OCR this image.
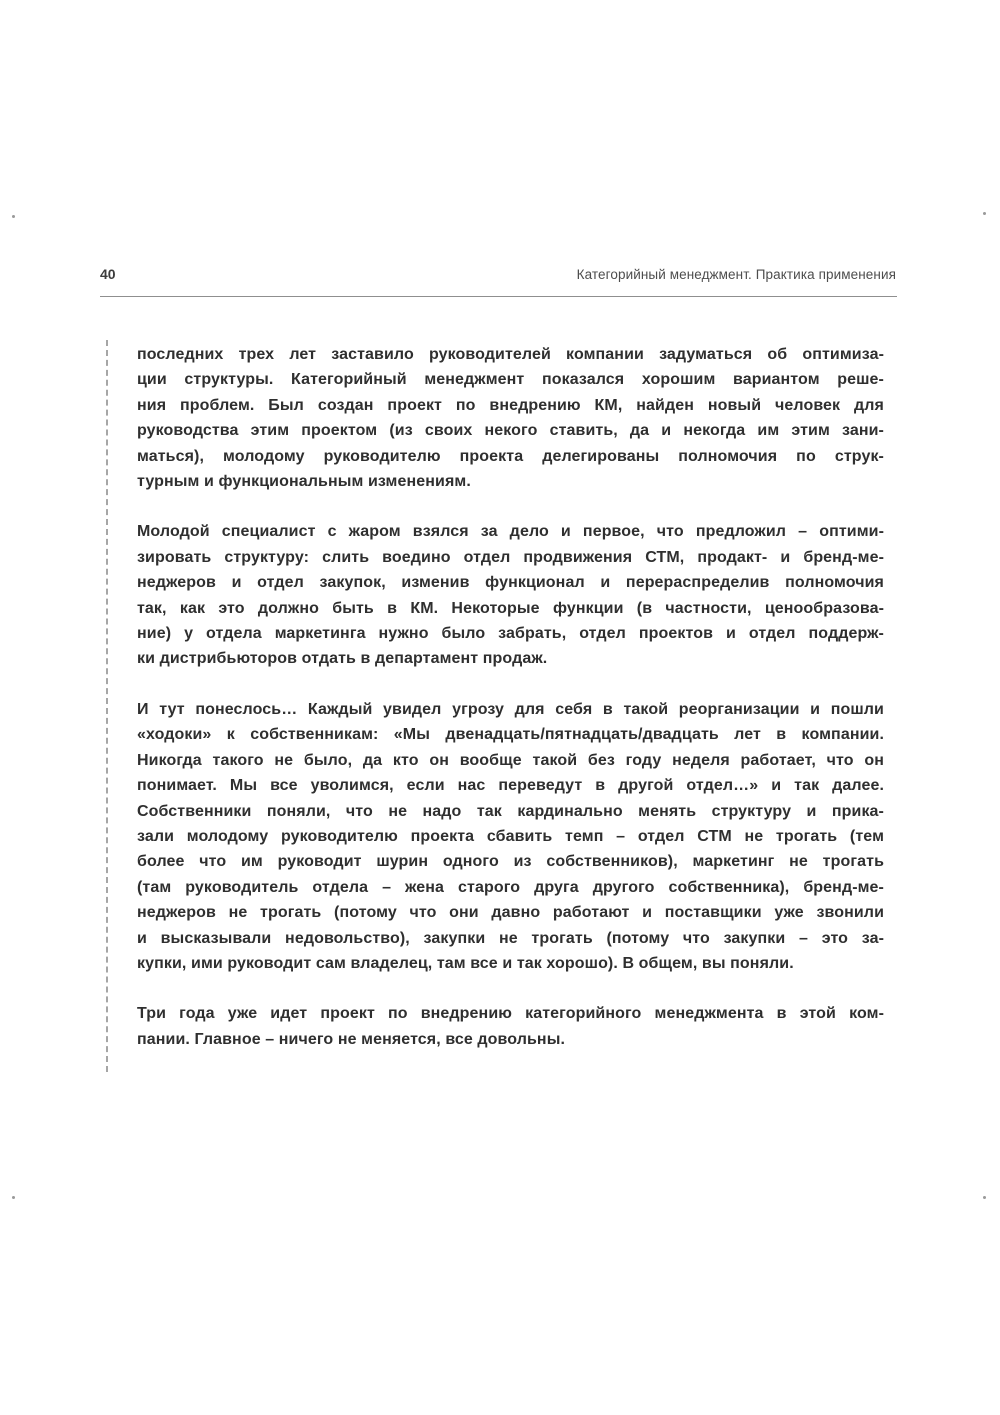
40	Категорийный менеджмент. Практика применения
последних трех лет заставило руководителей компании задуматься об оптимиза-
ции структуры. Категорийный менеджмент показался хорошим вариантом реше-
ния проблем. Был создан проект по внедрению КМ, найден новый человек для
руководства этим проектом (из своих некого ставить, да и некогда им этим зани-
маться), молодому руководителю проекта делегированы полномочия по струк-
турным и функциональным изменениям.
Молодой специалист с жаром взялся за дело и первое, что предложил – оптими-
зировать структуру: слить воедино отдел продвижения СТМ, продакт- и бренд-ме-
неджеров и отдел закупок, изменив функционал и перераспределив полномочия
так, как это должно быть в КМ. Некоторые функции (в частности, ценообразова-
ние) у отдела маркетинга нужно было забрать, отдел проектов и отдел поддерж-
ки дистрибьюторов отдать в департамент продаж.
И тут понеслось… Каждый увидел угрозу для себя в такой реорганизации и пошли
«ходоки» к собственникам: «Мы двенадцать/пятнадцать/двадцать лет в компании.
Никогда такого не было, да кто он вообще такой без году неделя работает, что он
понимает. Мы все уволимся, если нас переведут в другой отдел…» и так далее.
Собственники поняли, что не надо так кардинально менять структуру и прика-
зали молодому руководителю проекта сбавить темп – отдел СТМ не трогать (тем
более что им руководит шурин одного из собственников), маркетинг не трогать
(там руководитель отдела – жена старого друга другого собственника), бренд-ме-
неджеров не трогать (потому что они давно работают и поставщики уже звонили
и высказывали недовольство), закупки не трогать (потому что закупки – это за-
купки, ими руководит сам владелец, там все и так хорошо). В общем, вы поняли.
Три года уже идет проект по внедрению категорийного менеджмента в этой ком-
пании. Главное – ничего не меняется, все довольны.
